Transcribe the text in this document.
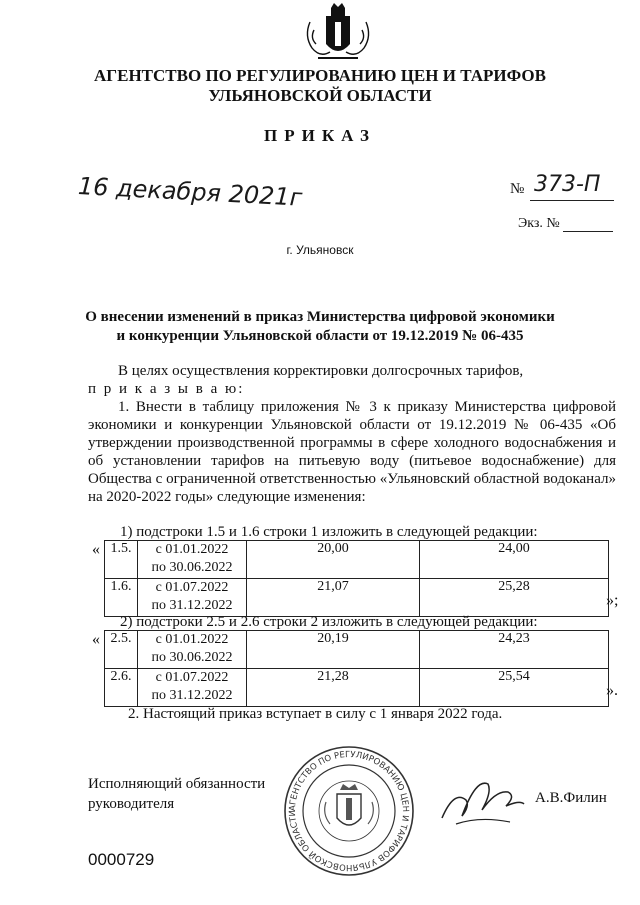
АГЕНТСТВО ПО РЕГУЛИРОВАНИЮ ЦЕН И ТАРИФОВ
УЛЬЯНОВСКОЙ ОБЛАСТИ
ПРИКАЗ
16 декабря 2021г	№ 373-П
Экз. №
г. Ульяновск
О внесении изменений в приказ Министерства цифровой экономики
и конкуренции Ульяновской области от 19.12.2019 № 06-435

В целях осуществления корректировки долгосрочных тарифов,

п р и к а з ы в а ю:

1. Внести в таблицу приложения № 3 к приказу Министерства цифровой экономики и конкуренции Ульяновской области от 19.12.2019 № 06-435 «Об утверждении производственной программы в сфере холодного водоснабжения и об установлении тарифов на питьевую воду (питьевое водоснабжение) для Общества с ограниченной ответственностью «Ульяновский областной водоканал» на 2020-2022 годы» следующие изменения:

1) подстроки 1.5 и 1.6 строки 1 изложить в следующей редакции:
« 1.5.	с 01.01.2022
по 30.06.2022	20,00	24,00
1.6.	с 01.07.2022
по 31.12.2022	21,07	25,28
»;
2) подстроки 2.5 и 2.6 строки 2 изложить в следующей редакции:
« 2.5.	с 01.01.2022
по 30.06.2022	20,19	24,23
2.6.	с 01.07.2022
по 31.12.2022	21,28	25,54
».
2. Настоящий приказ вступает в силу с 1 января 2022 года.
АГЕНТСТВО ПО РЕГУЛИРОВАНИЮ ЦЕН И ТАРИФОВ УЛЬЯНОВСКОЙ ОБЛАСТИ
Исполняющий обязанности
руководителя	А.В.Филин
0000729
